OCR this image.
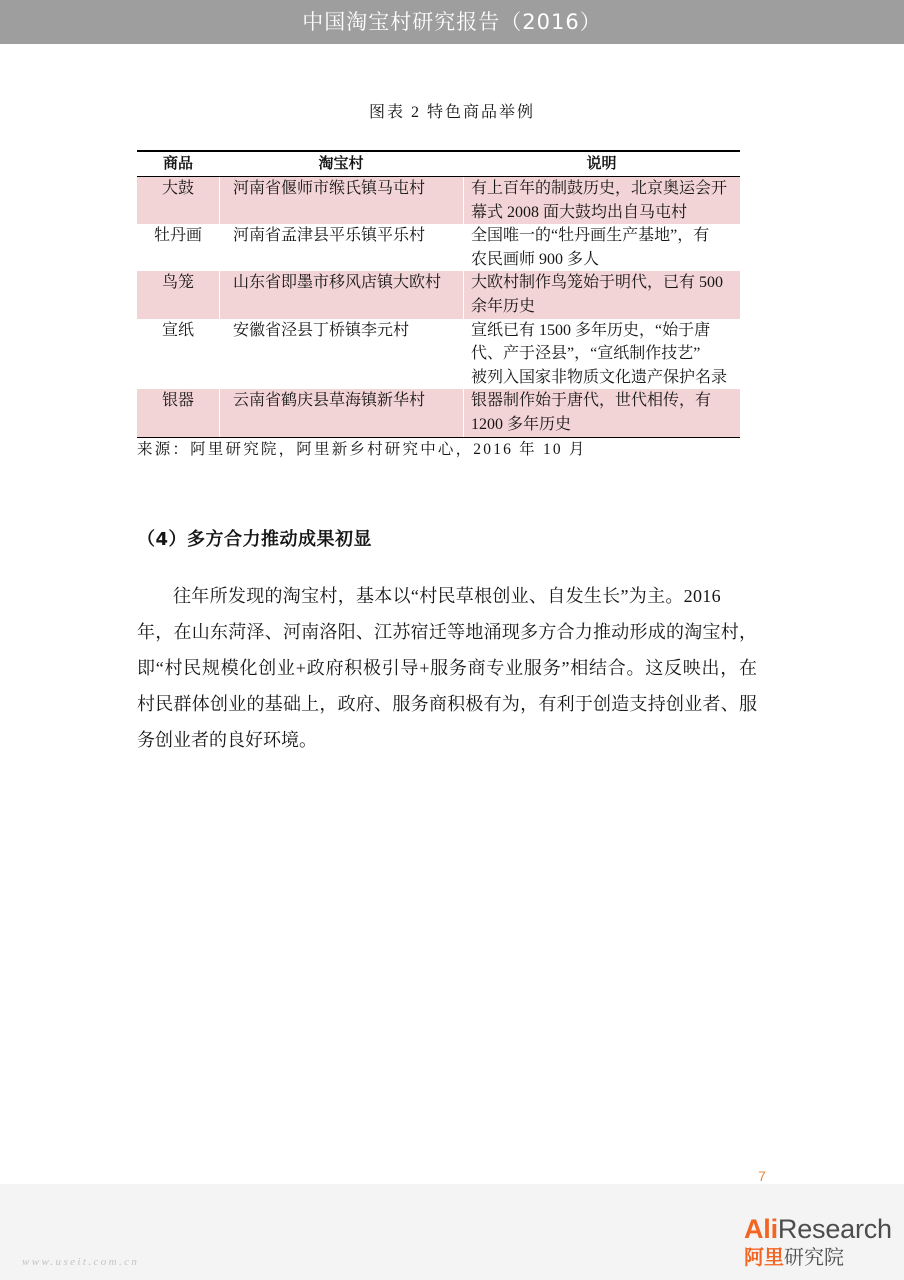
中国淘宝村研究报告（2016）
图表 2 特色商品举例
商品	淘宝村	说明
大鼓	河南省偃师市缑氏镇马屯村	有上百年的制鼓历史，北京奥运会开
幕式 2008 面大鼓均出自马屯村
牡丹画	河南省孟津县平乐镇平乐村	全国唯一的“牡丹画生产基地”，有
农民画师 900 多人
鸟笼	山东省即墨市移风店镇大欧村	大欧村制作鸟笼始于明代，已有 500
余年历史
宣纸	安徽省泾县丁桥镇李元村	宣纸已有 1500 多年历史，“始于唐
代、产于泾县”，“宣纸制作技艺”
被列入国家非物质文化遗产保护名录
银器	云南省鹤庆县草海镇新华村	银器制作始于唐代，世代相传，有
1200 多年历史
来源：阿里研究院，阿里新乡村研究中心，2016 年 10 月
（4）多方合力推动成果初显
往年所发现的淘宝村，基本以“村民草根创业、自发生长”为主。2016
年，在山东菏泽、河南洛阳、江苏宿迁等地涌现多方合力推动形成的淘宝村，
即“村民规模化创业+政府积极引导+服务商专业服务”相结合。这反映出，在
村民群体创业的基础上，政府、服务商积极有为，有利于创造支持创业者、服
务创业者的良好环境。
7
www.useit.com.cn
AliResearch
阿里研究院
